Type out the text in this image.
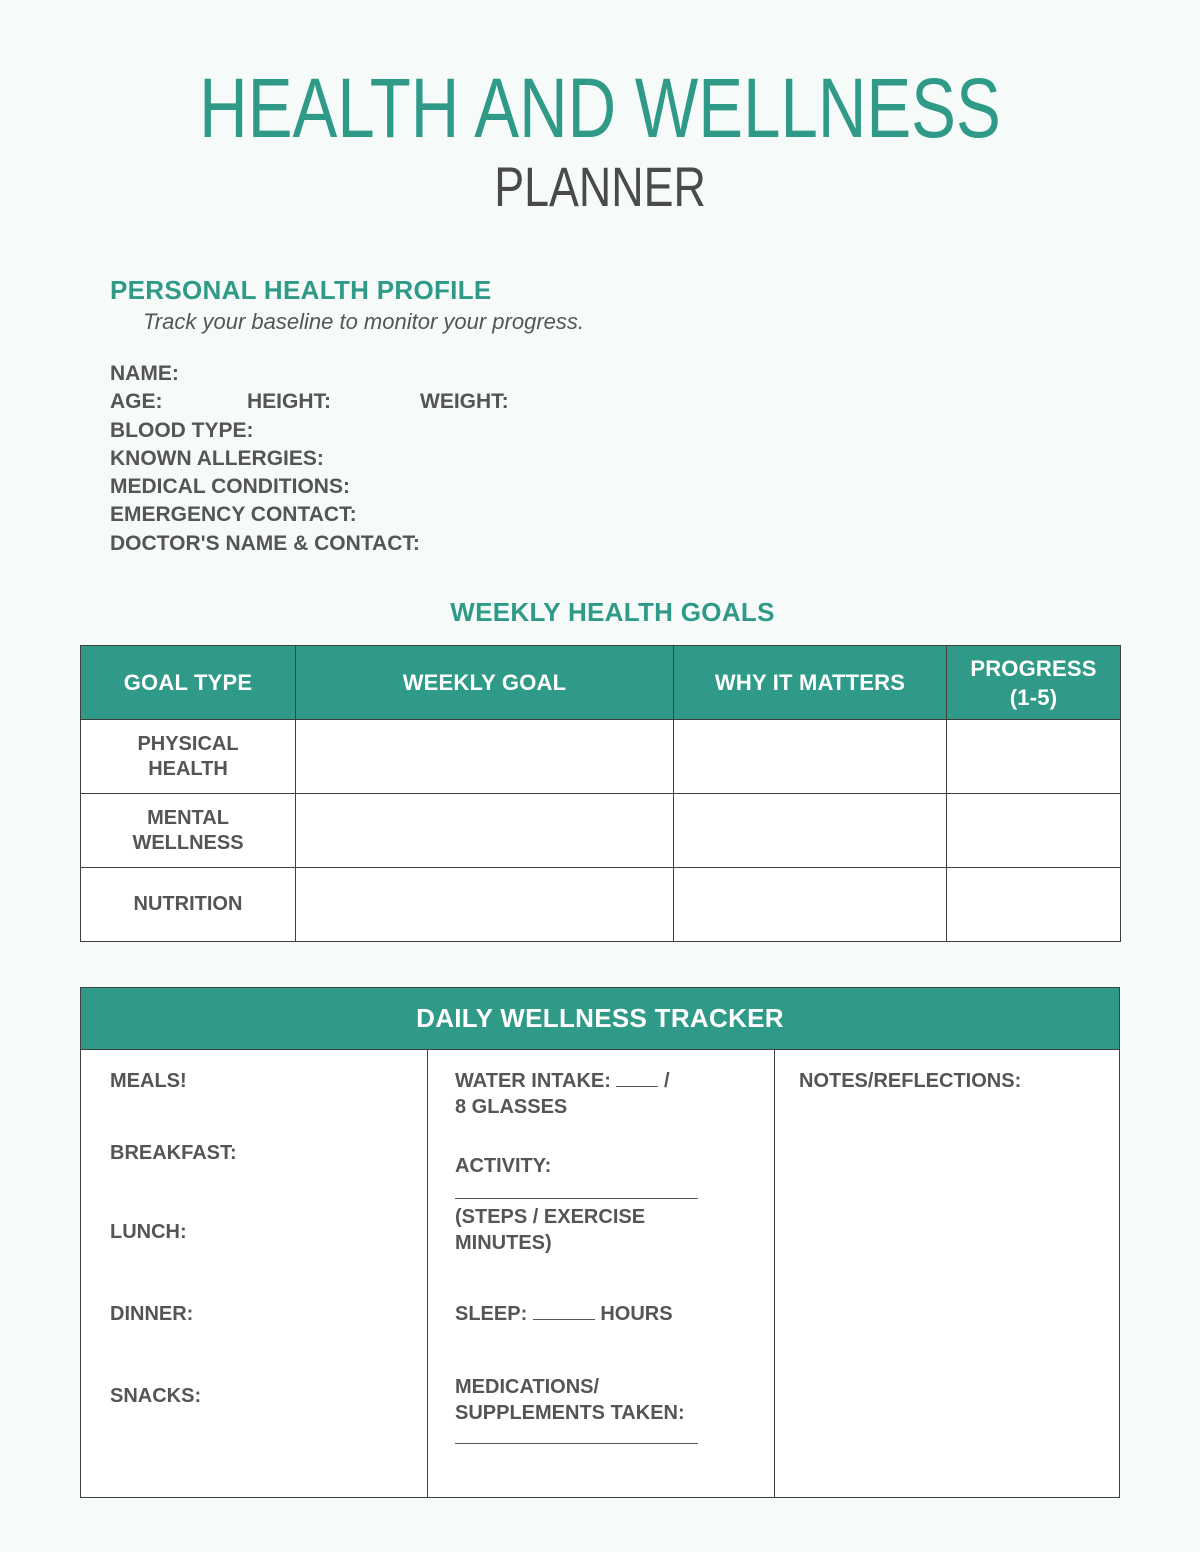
HEALTH AND WELLNESS
PLANNER
PERSONAL HEALTH PROFILE
Track your baseline to monitor your progress.
NAME:
AGE:	HEIGHT:	WEIGHT:
BLOOD TYPE:
KNOWN ALLERGIES:
MEDICAL CONDITIONS:
EMERGENCY CONTACT:
DOCTOR'S NAME & CONTACT:
WEEKLY HEALTH GOALS
GOAL TYPE	WEEKLY GOAL	WHY IT MATTERS	PROGRESS (1-5)
PHYSICAL HEALTH			
MENTAL WELLNESS			
NUTRITION			
DAILY WELLNESS TRACKER
MEALS!
BREAKFAST:
LUNCH:
DINNER:
SNACKS:
WATER INTAKE:  /
8 GLASSES
ACTIVITY:
(STEPS / EXERCISE MINUTES)
SLEEP:	HOURS
MEDICATIONS/ SUPPLEMENTS TAKEN:
NOTES/REFLECTIONS:
